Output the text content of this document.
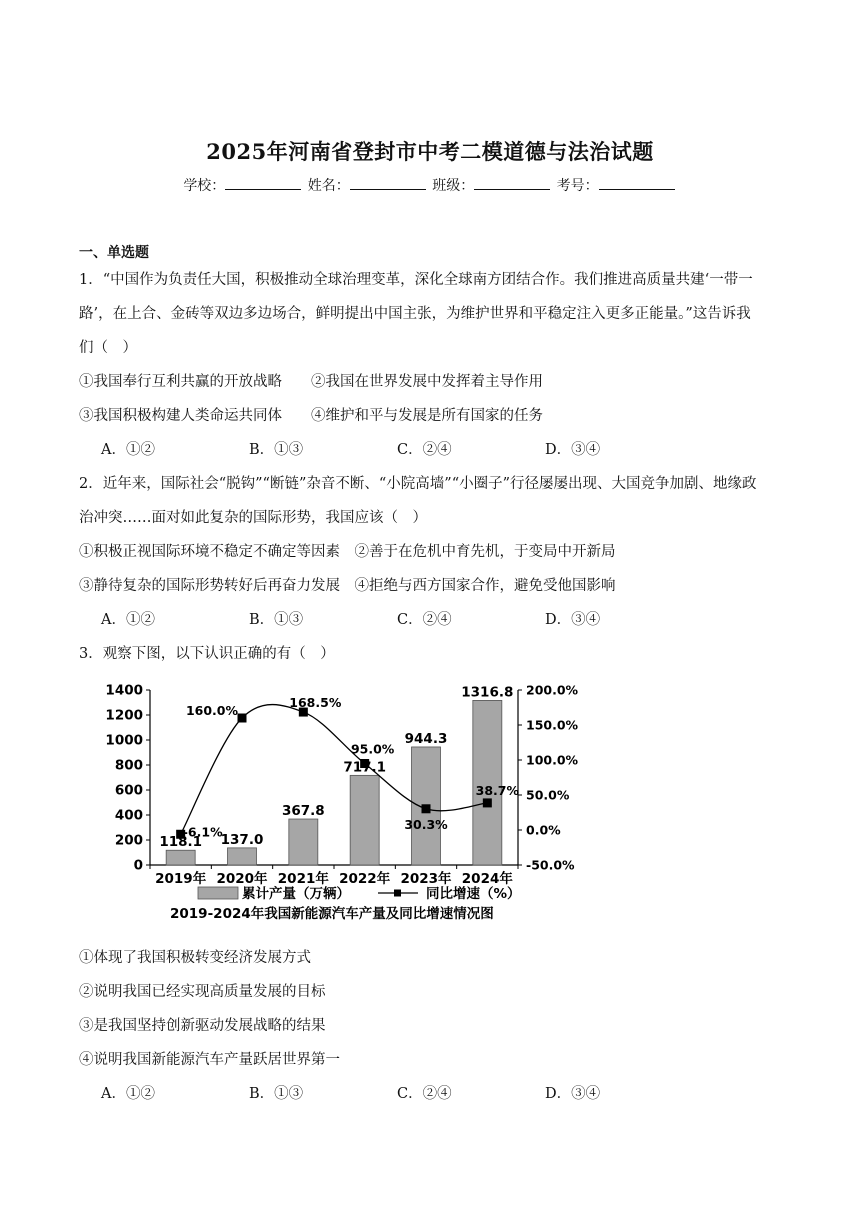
2025年河南省登封市中考二模道德与法治试题
学校：	姓名：	班级：	考号：
一、单选题
1．“中国作为负责任大国，积极推动全球治理变革，深化全球南方团结合作。我们推进高质量共建‘一带一
路’，在上合、金砖等双边多边场合，鲜明提出中国主张，为维护世界和平稳定注入更多正能量。”这告诉我
们（　）
①我国奉行互利共赢的开放战略　　②我国在世界发展中发挥着主导作用
③我国积极构建人类命运共同体　　④维护和平与发展是所有国家的任务
A．①②	B．①③	C．②④	D．③④
2．近年来，国际社会“脱钩”“断链”杂音不断、“小院高墙”“小圈子”行径屡屡出现、大国竞争加剧、地缘政
治冲突……面对如此复杂的国际形势，我国应该（　）
①积极正视国际环境不稳定不确定等因素　②善于在危机中育先机，于变局中开新局
③静待复杂的国际形势转好后再奋力发展　④拒绝与西方国家合作，避免受他国影响
A．①②	B．①③	C．②④	D．③④
3．观察下图，以下认识正确的有（　）
0
200
400
600
800
1000
1200
1400
-50.0%
0.0%
50.0%
100.0%
150.0%
200.0%
2019年 2020年 2021年 2022年 2023年 2024年
118.1 137.0
367.8
717.1
944.3
1316.8
-6.1%
160.0%
168.5%
95.0%
30.3%
38.7%
累计产量（万辆）	同比增速（%）
2019-2024年我国新能源汽车产量及同比增速情况图
①体现了我国积极转变经济发展方式
②说明我国已经实现高质量发展的目标
③是我国坚持创新驱动发展战略的结果
④说明我国新能源汽车产量跃居世界第一
A．①②	B．①③	C．②④	D．③④
